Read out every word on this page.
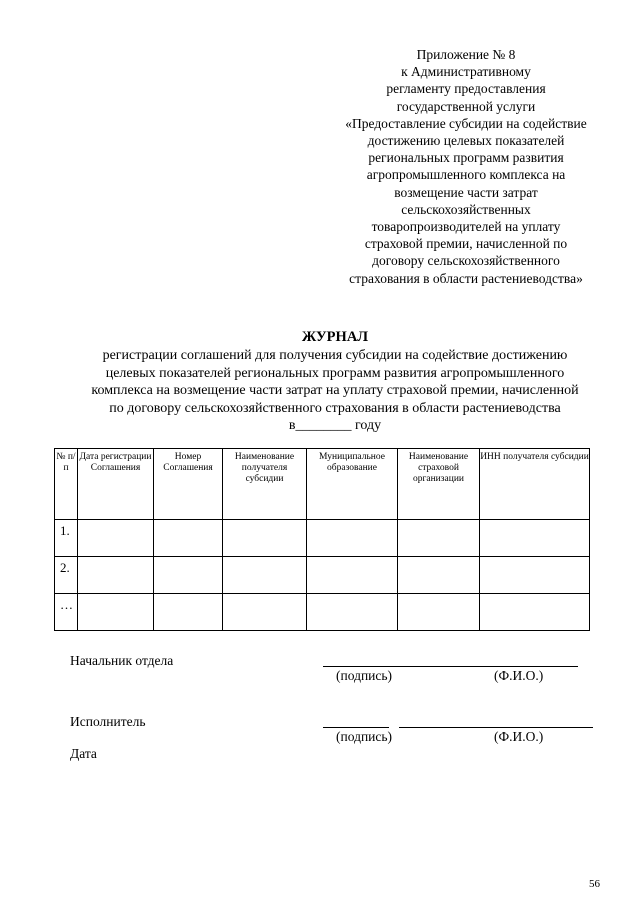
Приложение № 8
к Административному
регламенту предоставления
государственной услуги
«Предоставление субсидии на содействие
достижению целевых показателей
региональных программ развития
агропромышленного комплекса на
возмещение части затрат
сельскохозяйственных
товаропроизводителей на уплату
страховой премии, начисленной по
договору сельскохозяйственного
страхования в области растениеводства»
ЖУРНАЛ
регистрации соглашений для получения субсидии на содействие достижению
целевых показателей региональных программ развития агропромышленного
комплекса на возмещение части затрат на уплату страховой премии, начисленной
по договору сельскохозяйственного страхования в области растениеводства
в________ году
№ п/п	Дата регистрации Соглашения	Номер Соглашения	Наименование получателя субсидии	Муниципальное образование	Наименование страховой организации	ИНН получателя субсидии
1.						
2.						
…						
Начальник отдела
(подпись)	(Ф.И.О.)
Исполнитель
(подпись)	(Ф.И.О.)
Дата
56
